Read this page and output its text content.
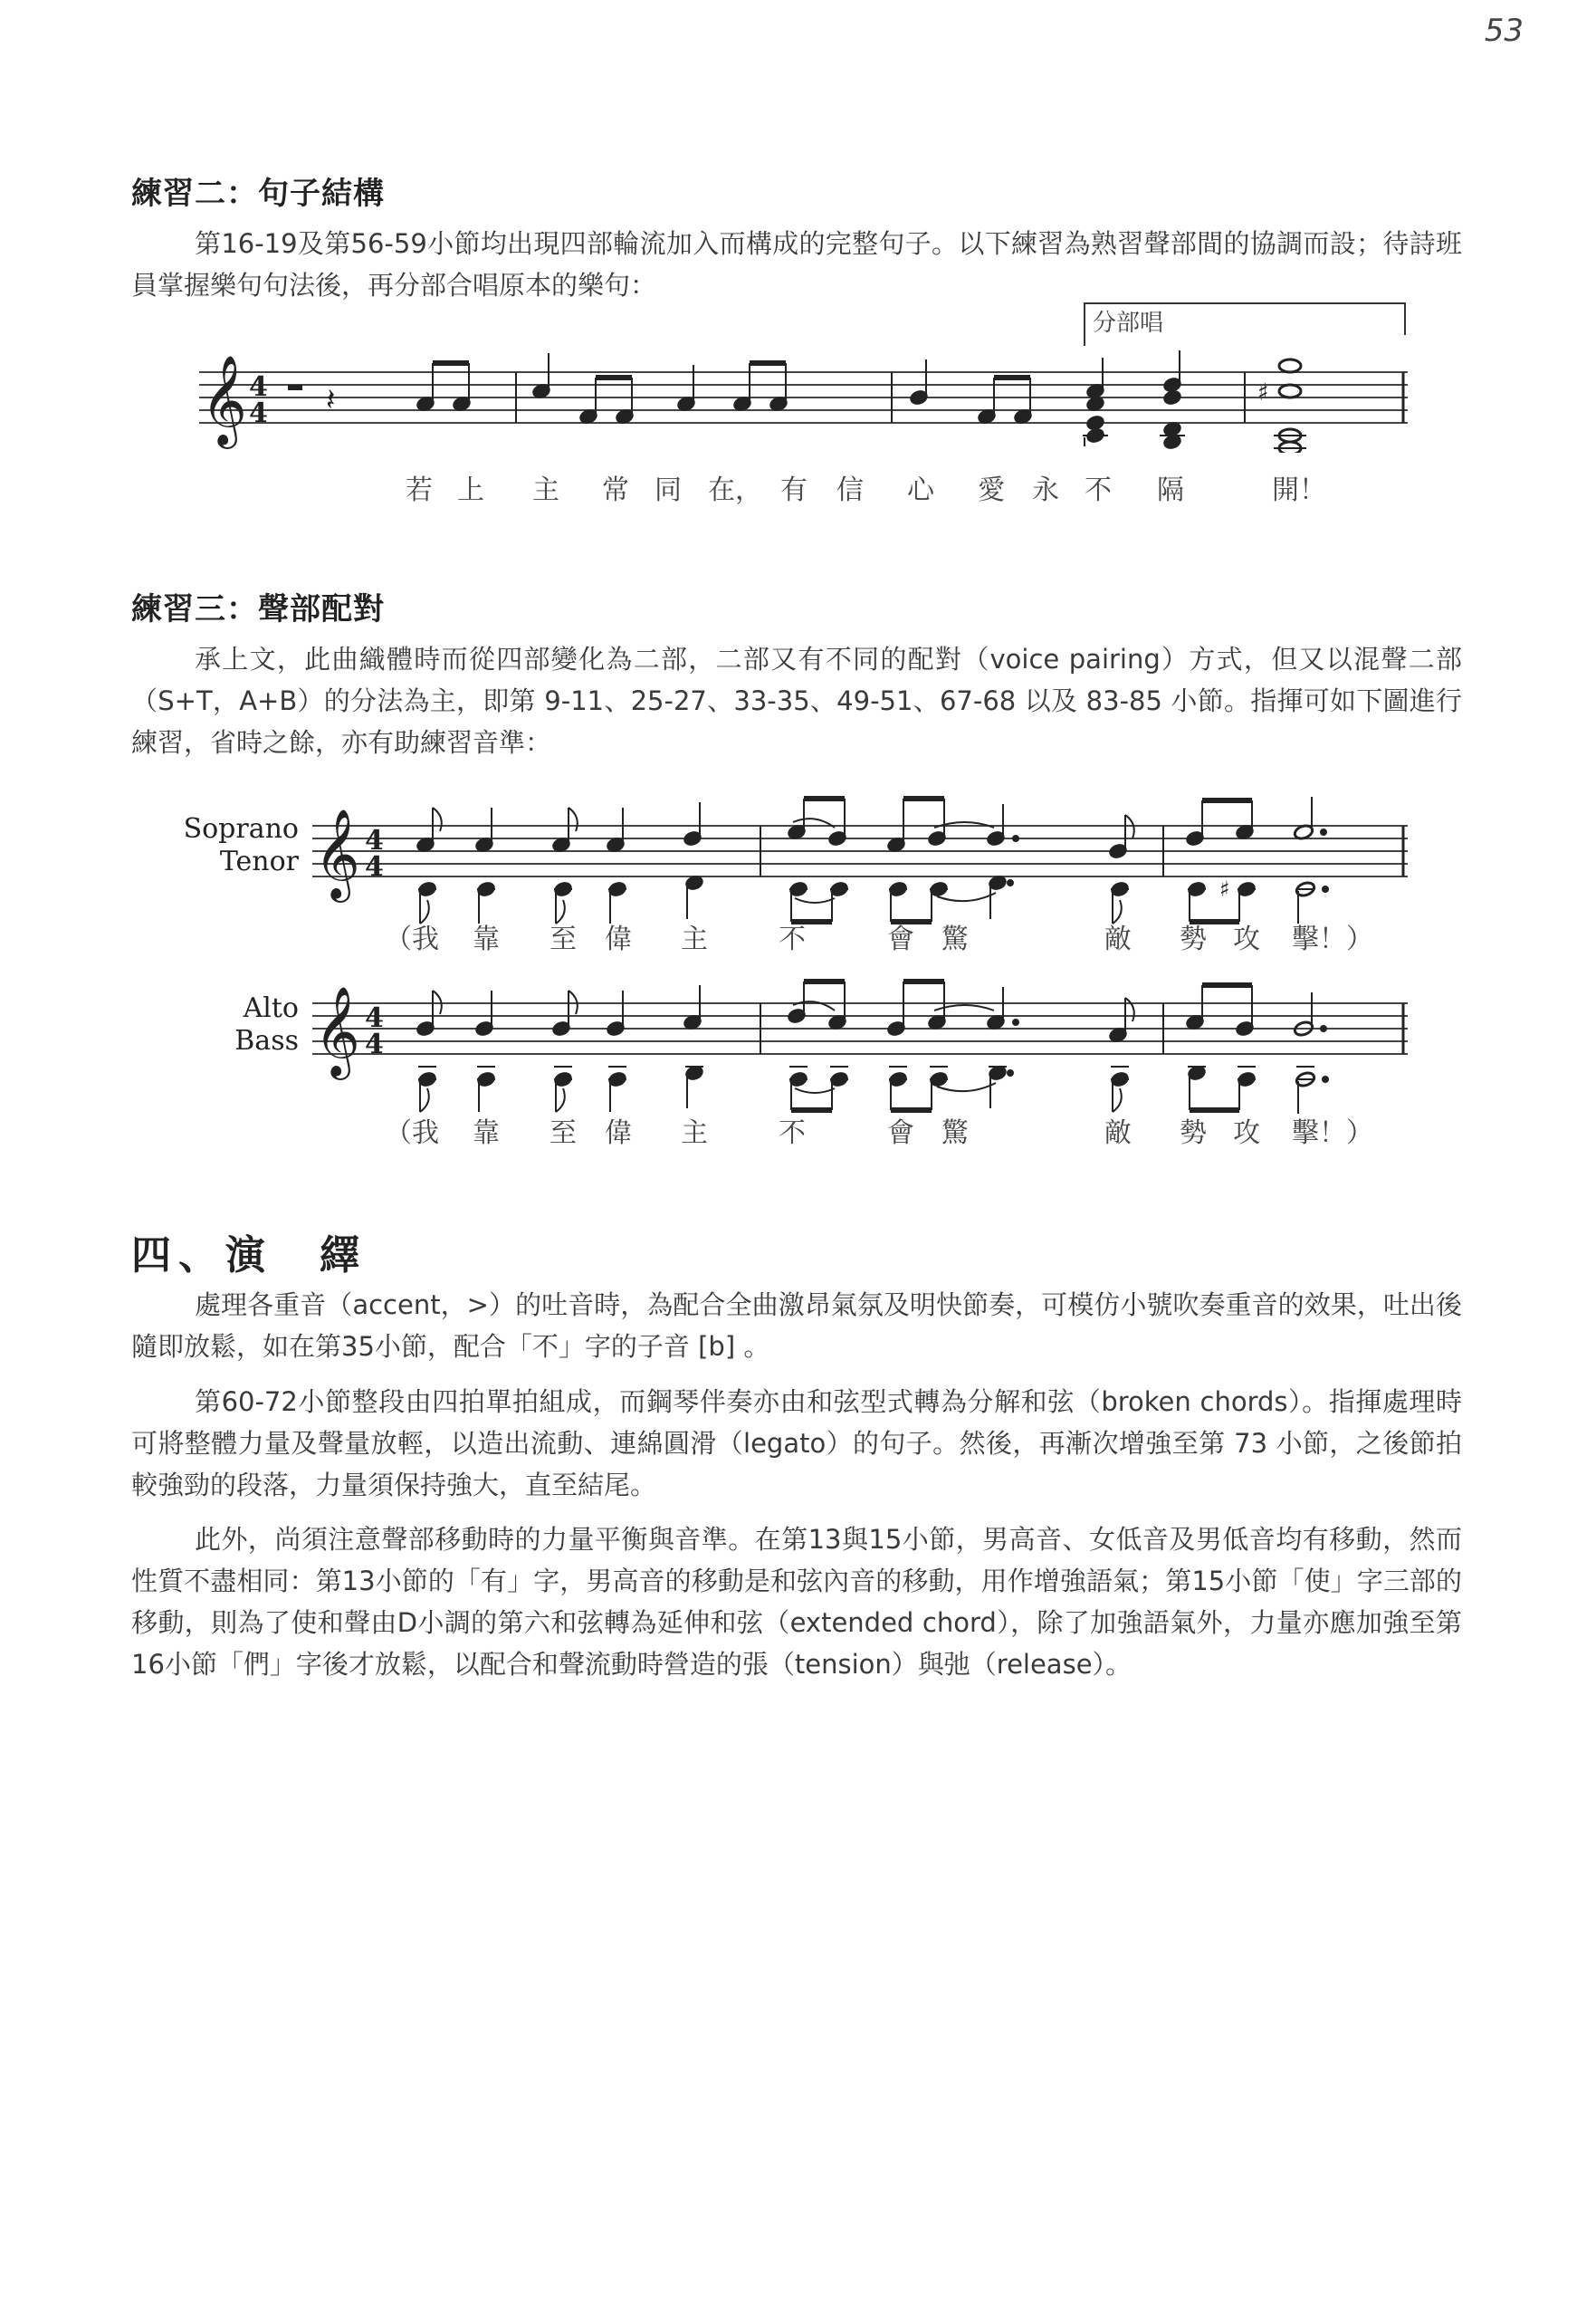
53
練習二：句子結構
第16-19及第56-59小節均出現四部輪流加入而構成的完整句子。以下練習為熟習聲部間的協調而設；待詩班員掌握樂句句法後，再分部合唱原本的樂句：
𝄞 4
4 𝄽	♯
分部唱
若 上 主 常 同 在， 有 信 心 愛 永 不 隔	開！
練習三：聲部配對
承上文，此曲織體時而從四部變化為二部，二部又有不同的配對（voice pairing）方式，但又以混聲二部（S+T，A+B）的分法為主，即第 9-11、25-27、33-35、49-51、67-68 以及 83-85 小節。指揮可如下圖進行練習，省時之餘，亦有助練習音準：
Soprano
Tenor 𝄞 4
4
♯
（我 靠 至 偉 主	不	會 驚	敵 勢 攻 擊！）
Alto
Bass 𝄞 4
4
（我 靠 至 偉 主	不	會 驚	敵 勢 攻 擊！）
四、演　繹
處理各重音（accent，>）的吐音時，為配合全曲激昂氣氛及明快節奏，可模仿小號吹奏重音的效果，吐出後隨即放鬆，如在第35小節，配合「不」字的子音 [b] 。
第60-72小節整段由四拍單拍組成，而鋼琴伴奏亦由和弦型式轉為分解和弦（broken chords）。指揮處理時可將整體力量及聲量放輕，以造出流動、連綿圓滑（legato）的句子。然後，再漸次增強至第 73 小節，之後節拍較強勁的段落，力量須保持強大，直至結尾。
此外，尚須注意聲部移動時的力量平衡與音準。在第13與15小節，男高音、女低音及男低音均有移動，然而性質不盡相同：第13小節的「有」字，男高音的移動是和弦內音的移動，用作增強語氣；第15小節「使」字三部的移動，則為了使和聲由D小調的第六和弦轉為延伸和弦（extended chord），除了加強語氣外，力量亦應加強至第16小節「們」字後才放鬆，以配合和聲流動時營造的張（tension）與弛（release）。
